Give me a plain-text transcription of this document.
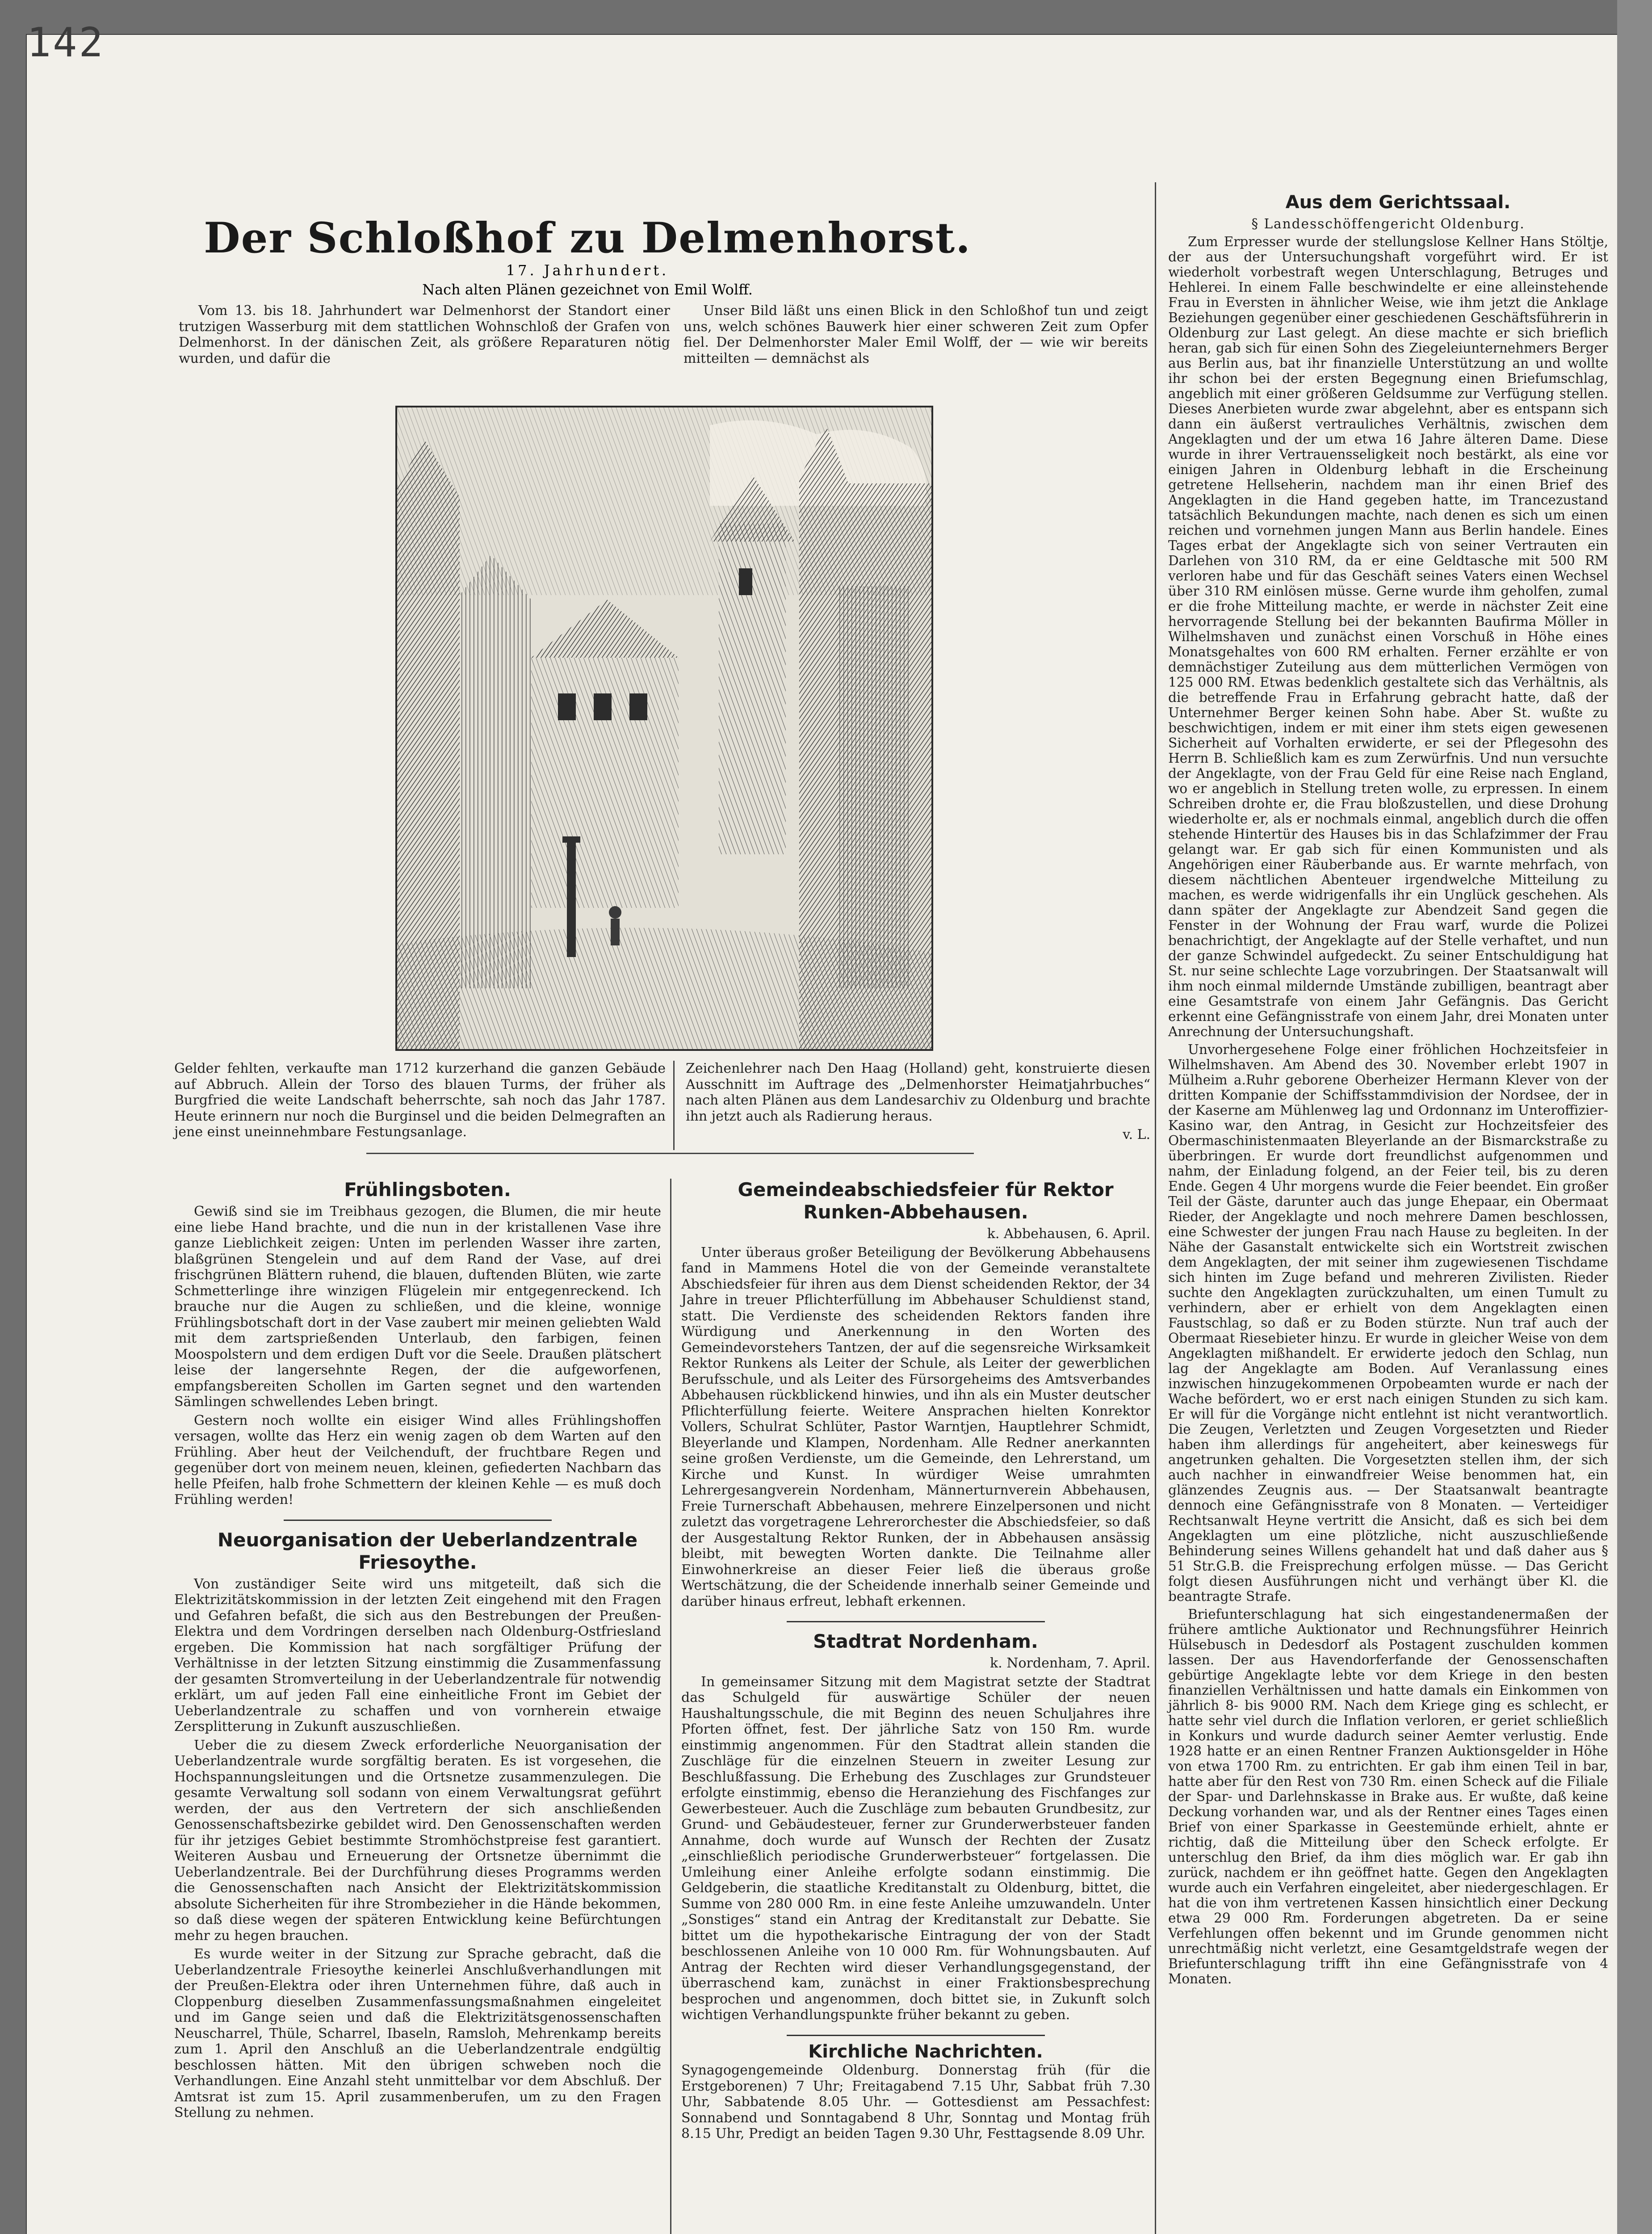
142
Der Schloßhof zu Delmenhorst.
17. Jahrhundert.
Nach alten Plänen gezeichnet von Emil Wolff.

Vom 13. bis 18. Jahrhundert war Delmenhorst der Standort einer trutzigen Wasserburg mit dem stattlichen Wohnschloß der Grafen von Delmenhorst. In der dänischen Zeit, als größere Reparaturen nötig wurden, und dafür die

Unser Bild läßt uns einen Blick in den Schloßhof tun und zeigt uns, welch schönes Bauwerk hier einer schweren Zeit zum Opfer fiel. Der Delmenhorster Maler Emil Wolff, der — wie wir bereits mitteilten — demnächst als

Gelder fehlten, verkaufte man 1712 kurzerhand die ganzen Gebäude auf Abbruch. Allein der Torso des blauen Turms, der früher als Burgfried die weite Landschaft beherrschte, sah noch das Jahr 1787. Heute erinnern nur noch die Burginsel und die beiden Delmegraften an jene einst uneinnehmbare Festungsanlage.

Zeichenlehrer nach Den Haag (Holland) geht, konstruierte diesen Ausschnitt im Auftrage des „Delmenhorster Heimatjahrbuches“ nach alten Plänen aus dem Landesarchiv zu Oldenburg und brachte ihn jetzt auch als Radierung heraus.

v. L.

Frühlingsboten.

Gewiß sind sie im Treibhaus gezogen, die Blumen, die mir heute eine liebe Hand brachte, und die nun in der kristallenen Vase ihre ganze Lieblichkeit zeigen: Unten im perlenden Wasser ihre zarten, blaßgrünen Stengelein und auf dem Rand der Vase, auf drei frischgrünen Blättern ruhend, die blauen, duftenden Blüten, wie zarte Schmetterlinge ihre winzigen Flügelein mir entgegenreckend. Ich brauche nur die Augen zu schließen, und die kleine, wonnige Frühlingsbotschaft dort in der Vase zaubert mir meinen geliebten Wald mit dem zartsprießenden Unterlaub, den farbigen, feinen Moospolstern und dem erdigen Duft vor die Seele. Draußen plätschert leise der langersehnte Regen, der die aufgeworfenen, empfangsbereiten Schollen im Garten segnet und den wartenden Sämlingen schwellendes Leben bringt.

Gestern noch wollte ein eisiger Wind alles Frühlingshoffen versagen, wollte das Herz ein wenig zagen ob dem Warten auf den Frühling. Aber heut der Veilchenduft, der fruchtbare Regen und gegenüber dort von meinem neuen, kleinen, gefiederten Nachbarn das helle Pfeifen, halb frohe Schmettern der kleinen Kehle — es muß doch Frühling werden!

Neuorganisation der Ueberlandzentrale Friesoythe.

Von zuständiger Seite wird uns mitgeteilt, daß sich die Elektrizitätskommission in der letzten Zeit eingehend mit den Fragen und Gefahren befaßt, die sich aus den Bestrebungen der Preußen-Elektra und dem Vordringen derselben nach Oldenburg-Ostfriesland ergeben. Die Kommission hat nach sorgfältiger Prüfung der Verhältnisse in der letzten Sitzung einstimmig die Zusammenfassung der gesamten Stromverteilung in der Ueberlandzentrale für notwendig erklärt, um auf jeden Fall eine einheitliche Front im Gebiet der Ueberlandzentrale zu schaffen und von vornherein etwaige Zersplitterung in Zukunft auszuschließen.

Ueber die zu diesem Zweck erforderliche Neuorganisation der Ueberlandzentrale wurde sorgfältig beraten. Es ist vorgesehen, die Hochspannungsleitungen und die Ortsnetze zusammenzulegen. Die gesamte Verwaltung soll sodann von einem Verwaltungsrat geführt werden, der aus den Vertretern der sich anschließenden Genossenschaftsbezirke gebildet wird. Den Genossenschaften werden für ihr jetziges Gebiet bestimmte Stromhöchstpreise fest garantiert. Weiteren Ausbau und Erneuerung der Ortsnetze übernimmt die Ueberlandzentrale. Bei der Durchführung dieses Programms werden die Genossenschaften nach Ansicht der Elektrizitätskommission absolute Sicherheiten für ihre Strombezieher in die Hände bekommen, so daß diese wegen der späteren Entwicklung keine Befürchtungen mehr zu hegen brauchen.

Es wurde weiter in der Sitzung zur Sprache gebracht, daß die Ueberlandzentrale Friesoythe keinerlei Anschlußverhandlungen mit der Preußen-Elektra oder ihren Unternehmen führe, daß auch in Cloppenburg dieselben Zusammenfassungsmaßnahmen eingeleitet und im Gange seien und daß die Elektrizitätsgenossenschaften Neuscharrel, Thüle, Scharrel, Ibaseln, Ramsloh, Mehrenkamp bereits zum 1. April den Anschluß an die Ueberlandzentrale endgültig beschlossen hätten. Mit den übrigen schweben noch die Verhandlungen. Eine Anzahl steht unmittelbar vor dem Abschluß. Der Amtsrat ist zum 15. April zusammenberufen, um zu den Fragen Stellung zu nehmen.

Gemeindeabschiedsfeier für Rektor Runken-Abbehausen.

k. Abbehausen, 6. April.

Unter überaus großer Beteiligung der Bevölkerung Abbehausens fand in Mammens Hotel die von der Gemeinde veranstaltete Abschiedsfeier für ihren aus dem Dienst scheidenden Rektor, der 34 Jahre in treuer Pflichterfüllung im Abbehauser Schuldienst stand, statt. Die Verdienste des scheidenden Rektors fanden ihre Würdigung und Anerkennung in den Worten des Gemeindevorstehers Tantzen, der auf die segensreiche Wirksamkeit Rektor Runkens als Leiter der Schule, als Leiter der gewerblichen Berufsschule, und als Leiter des Fürsorgeheims des Amtsverbandes Abbehausen rückblickend hinwies, und ihn als ein Muster deutscher Pflichterfüllung feierte. Weitere Ansprachen hielten Konrektor Vollers, Schulrat Schlüter, Pastor Warntjen, Hauptlehrer Schmidt, Bleyerlande und Klampen, Nordenham. Alle Redner anerkannten seine großen Verdienste, um die Gemeinde, den Lehrerstand, um Kirche und Kunst. In würdiger Weise umrahmten Lehrergesangverein Nordenham, Männerturnverein Abbehausen, Freie Turnerschaft Abbehausen, mehrere Einzelpersonen und nicht zuletzt das vorgetragene Lehrerorchester die Abschiedsfeier, so daß der Ausgestaltung Rektor Runken, der in Abbehausen ansässig bleibt, mit bewegten Worten dankte. Die Teilnahme aller Einwohnerkreise an dieser Feier ließ die überaus große Wertschätzung, die der Scheidende innerhalb seiner Gemeinde und darüber hinaus erfreut, lebhaft erkennen.

Stadtrat Nordenham.

k. Nordenham, 7. April.

In gemeinsamer Sitzung mit dem Magistrat setzte der Stadtrat das Schulgeld für auswärtige Schüler der neuen Haushaltungsschule, die mit Beginn des neuen Schuljahres ihre Pforten öffnet, fest. Der jährliche Satz von 150 Rm. wurde einstimmig angenommen. Für den Stadtrat allein standen die Zuschläge für die einzelnen Steuern in zweiter Lesung zur Beschlußfassung. Die Erhebung des Zuschlages zur Grundsteuer erfolgte einstimmig, ebenso die Heranziehung des Fischfanges zur Gewerbesteuer. Auch die Zuschläge zum bebauten Grundbesitz, zur Grund- und Gebäudesteuer, ferner zur Grunderwerbsteuer fanden Annahme, doch wurde auf Wunsch der Rechten der Zusatz „einschließlich periodische Grunderwerbsteuer“ fortgelassen. Die Umleihung einer Anleihe erfolgte sodann einstimmig. Die Geldgeberin, die staatliche Kreditanstalt zu Oldenburg, bittet, die Summe von 280 000 Rm. in eine feste Anleihe umzuwandeln. Unter „Sonstiges“ stand ein Antrag der Kreditanstalt zur Debatte. Sie bittet um die hypothekarische Eintragung der von der Stadt beschlossenen Anleihe von 10 000 Rm. für Wohnungsbauten. Auf Antrag der Rechten wird dieser Verhandlungsgegenstand, der überraschend kam, zunächst in einer Fraktionsbesprechung besprochen und angenommen, doch bittet sie, in Zukunft solch wichtigen Verhandlungspunkte früher bekannt zu geben.

Kirchliche Nachrichten.

Synagogengemeinde Oldenburg. Donnerstag früh (für die Erstgeborenen) 7 Uhr; Freitagabend 7.15 Uhr, Sabbat früh 7.30 Uhr, Sabbatende 8.05 Uhr. — Gottesdienst am Pessachfest: Sonnabend und Sonntagabend 8 Uhr, Sonntag und Montag früh 8.15 Uhr, Predigt an beiden Tagen 9.30 Uhr, Festtagsende 8.09 Uhr.

Aus dem Gerichtssaal.

§ Landesschöffengericht Oldenburg.

Zum Erpresser wurde der stellungslose Kellner Hans Stöltje, der aus der Untersuchungshaft vorgeführt wird. Er ist wiederholt vorbestraft wegen Unterschlagung, Betruges und Hehlerei. In einem Falle beschwindelte er eine alleinstehende Frau in Eversten in ähnlicher Weise, wie ihm jetzt die Anklage Beziehungen gegenüber einer geschiedenen Geschäftsführerin in Oldenburg zur Last gelegt. An diese machte er sich brieflich heran, gab sich für einen Sohn des Ziegeleiunternehmers Berger aus Berlin aus, bat ihr finanzielle Unterstützung an und wollte ihr schon bei der ersten Begegnung einen Briefumschlag, angeblich mit einer größeren Geldsumme zur Verfügung stellen. Dieses Anerbieten wurde zwar abgelehnt, aber es entspann sich dann ein äußerst vertrauliches Verhältnis, zwischen dem Angeklagten und der um etwa 16 Jahre älteren Dame. Diese wurde in ihrer Vertrauensseligkeit noch bestärkt, als eine vor einigen Jahren in Oldenburg lebhaft in die Erscheinung getretene Hellseherin, nachdem man ihr einen Brief des Angeklagten in die Hand gegeben hatte, im Trancezustand tatsächlich Bekundungen machte, nach denen es sich um einen reichen und vornehmen jungen Mann aus Berlin handele. Eines Tages erbat der Angeklagte sich von seiner Vertrauten ein Darlehen von 310 RM, da er eine Geldtasche mit 500 RM verloren habe und für das Geschäft seines Vaters einen Wechsel über 310 RM einlösen müsse. Gerne wurde ihm geholfen, zumal er die frohe Mitteilung machte, er werde in nächster Zeit eine hervorragende Stellung bei der bekannten Baufirma Möller in Wilhelmshaven und zunächst einen Vorschuß in Höhe eines Monatsgehaltes von 600 RM erhalten. Ferner erzählte er von demnächstiger Zuteilung aus dem mütterlichen Vermögen von 125 000 RM. Etwas bedenklich gestaltete sich das Verhältnis, als die betreffende Frau in Erfahrung gebracht hatte, daß der Unternehmer Berger keinen Sohn habe. Aber St. wußte zu beschwichtigen, indem er mit einer ihm stets eigen gewesenen Sicherheit auf Vorhalten erwiderte, er sei der Pflegesohn des Herrn B. Schließlich kam es zum Zerwürfnis. Und nun versuchte der Angeklagte, von der Frau Geld für eine Reise nach England, wo er angeblich in Stellung treten wolle, zu erpressen. In einem Schreiben drohte er, die Frau bloßzustellen, und diese Drohung wiederholte er, als er nochmals einmal, angeblich durch die offen stehende Hintertür des Hauses bis in das Schlafzimmer der Frau gelangt war. Er gab sich für einen Kommunisten und als Angehörigen einer Räuberbande aus. Er warnte mehrfach, von diesem nächtlichen Abenteuer irgendwelche Mitteilung zu machen, es werde widrigenfalls ihr ein Unglück geschehen. Als dann später der Angeklagte zur Abendzeit Sand gegen die Fenster in der Wohnung der Frau warf, wurde die Polizei benachrichtigt, der Angeklagte auf der Stelle verhaftet, und nun der ganze Schwindel aufgedeckt. Zu seiner Entschuldigung hat St. nur seine schlechte Lage vorzubringen. Der Staatsanwalt will ihm noch einmal mildernde Umstände zubilligen, beantragt aber eine Gesamtstrafe von einem Jahr Gefängnis. Das Gericht erkennt eine Gefängnisstrafe von einem Jahr, drei Monaten unter Anrechnung der Untersuchungshaft.

Unvorhergesehene Folge einer fröhlichen Hochzeitsfeier in Wilhelmshaven. Am Abend des 30. November erlebt 1907 in Mülheim a.Ruhr geborene Oberheizer Hermann Klever von der dritten Kompanie der Schiffsstammdivision der Nordsee, der in der Kaserne am Mühlenweg lag und Ordonnanz im Unteroffizier-Kasino war, den Antrag, in Gesicht zur Hochzeitsfeier des Obermaschinistenmaaten Bleyerlande an der Bismarckstraße zu überbringen. Er wurde dort freundlichst aufgenommen und nahm, der Einladung folgend, an der Feier teil, bis zu deren Ende. Gegen 4 Uhr morgens wurde die Feier beendet. Ein großer Teil der Gäste, darunter auch das junge Ehepaar, ein Obermaat Rieder, der Angeklagte und noch mehrere Damen beschlossen, eine Schwester der jungen Frau nach Hause zu begleiten. In der Nähe der Gasanstalt entwickelte sich ein Wortstreit zwischen dem Angeklagten, der mit seiner ihm zugewiesenen Tischdame sich hinten im Zuge befand und mehreren Zivilisten. Rieder suchte den Angeklagten zurückzuhalten, um einen Tumult zu verhindern, aber er erhielt von dem Angeklagten einen Faustschlag, so daß er zu Boden stürzte. Nun traf auch der Obermaat Riesebieter hinzu. Er wurde in gleicher Weise von dem Angeklagten mißhandelt. Er erwiderte jedoch den Schlag, nun lag der Angeklagte am Boden. Auf Veranlassung eines inzwischen hinzugekommenen Orpobeamten wurde er nach der Wache befördert, wo er erst nach einigen Stunden zu sich kam. Er will für die Vorgänge nicht entlehnt ist nicht verantwortlich. Die Zeugen, Verletzten und Zeugen Vorgesetzten und Rieder haben ihm allerdings für angeheitert, aber keineswegs für angetrunken gehalten. Die Vorgesetzten stellen ihm, der sich auch nachher in einwandfreier Weise benommen hat, ein glänzendes Zeugnis aus. — Der Staatsanwalt beantragte dennoch eine Gefängnisstrafe von 8 Monaten. — Verteidiger Rechtsanwalt Heyne vertritt die Ansicht, daß es sich bei dem Angeklagten um eine plötzliche, nicht auszuschließende Behinderung seines Willens gehandelt hat und daß daher aus § 51 Str.G.B. die Freisprechung erfolgen müsse. — Das Gericht folgt diesen Ausführungen nicht und verhängt über Kl. die beantragte Strafe.

Briefunterschlagung hat sich eingestandenermaßen der frühere amtliche Auktionator und Rechnungsführer Heinrich Hülsebusch in Dedesdorf als Postagent zuschulden kommen lassen. Der aus Havendorferfande der Genossenschaften gebürtige Angeklagte lebte vor dem Kriege in den besten finanziellen Verhältnissen und hatte damals ein Einkommen von jährlich 8- bis 9000 RM. Nach dem Kriege ging es schlecht, er hatte sehr viel durch die Inflation verloren, er geriet schließlich in Konkurs und wurde dadurch seiner Aemter verlustig. Ende 1928 hatte er an einen Rentner Franzen Auktionsgelder in Höhe von etwa 1700 Rm. zu entrichten. Er gab ihm einen Teil in bar, hatte aber für den Rest von 730 Rm. einen Scheck auf die Filiale der Spar- und Darlehnskasse in Brake aus. Er wußte, daß keine Deckung vorhanden war, und als der Rentner eines Tages einen Brief von einer Sparkasse in Geestemünde erhielt, ahnte er richtig, daß die Mitteilung über den Scheck erfolgte. Er unterschlug den Brief, da ihm dies möglich war. Er gab ihn zurück, nachdem er ihn geöffnet hatte. Gegen den Angeklagten wurde auch ein Verfahren eingeleitet, aber niedergeschlagen. Er hat die von ihm vertretenen Kassen hinsichtlich einer Deckung etwa 29 000 Rm. Forderungen abgetreten. Da er seine Verfehlungen offen bekennt und im Grunde genommen nicht unrechtmäßig nicht verletzt, eine Gesamtgeldstrafe wegen der Briefunterschlagung trifft ihn eine Gefängnisstrafe von 4 Monaten.
